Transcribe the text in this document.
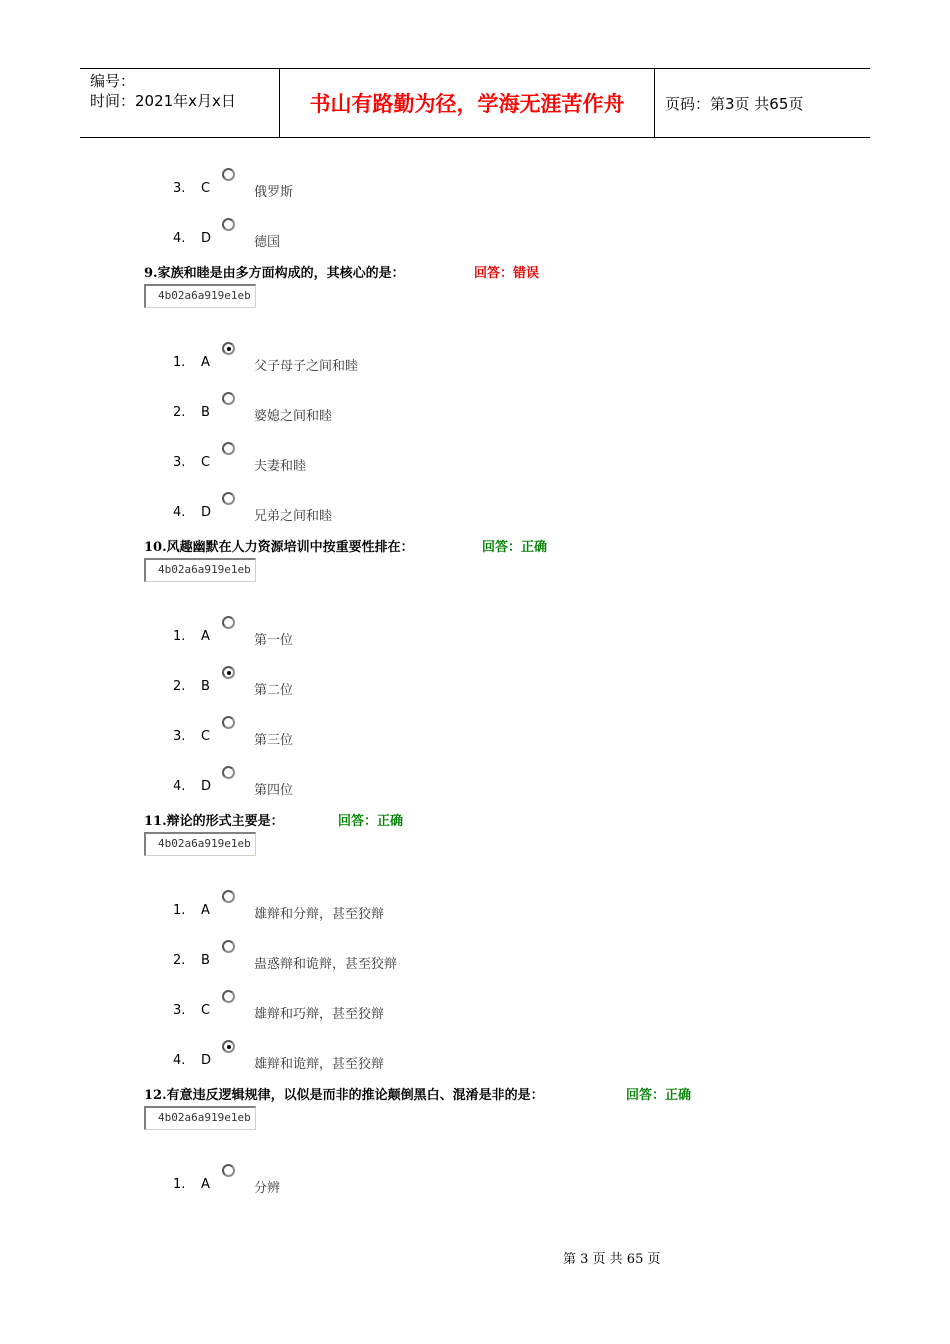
编号：
时间：2021年x月x日	书山有路勤为径，学海无涯苦作舟	页码：第3页 共65页
3. C	俄罗斯
4. D	德国
9.家族和睦是由多方面构成的，其核心的是：	回答：错误
4b02a6a919e1eb
1. A	父子母子之间和睦
2. B	婆媳之间和睦
3. C	夫妻和睦
4. D	兄弟之间和睦
10.风趣幽默在人力资源培训中按重要性排在：	回答：正确
4b02a6a919e1eb
1. A	第一位
2. B	第二位
3. C	第三位
4. D	第四位
11.辩论的形式主要是：	回答：正确
4b02a6a919e1eb
1. A	雄辩和分辩，甚至狡辩
2. B	蛊惑辩和诡辩，甚至狡辩
3. C	雄辩和巧辩，甚至狡辩
4. D	雄辩和诡辩，甚至狡辩
12.有意违反逻辑规律，以似是而非的推论颠倒黑白、混淆是非的是：	回答：正确
4b02a6a919e1eb
1. A	分辨
第 3 页 共 65 页
